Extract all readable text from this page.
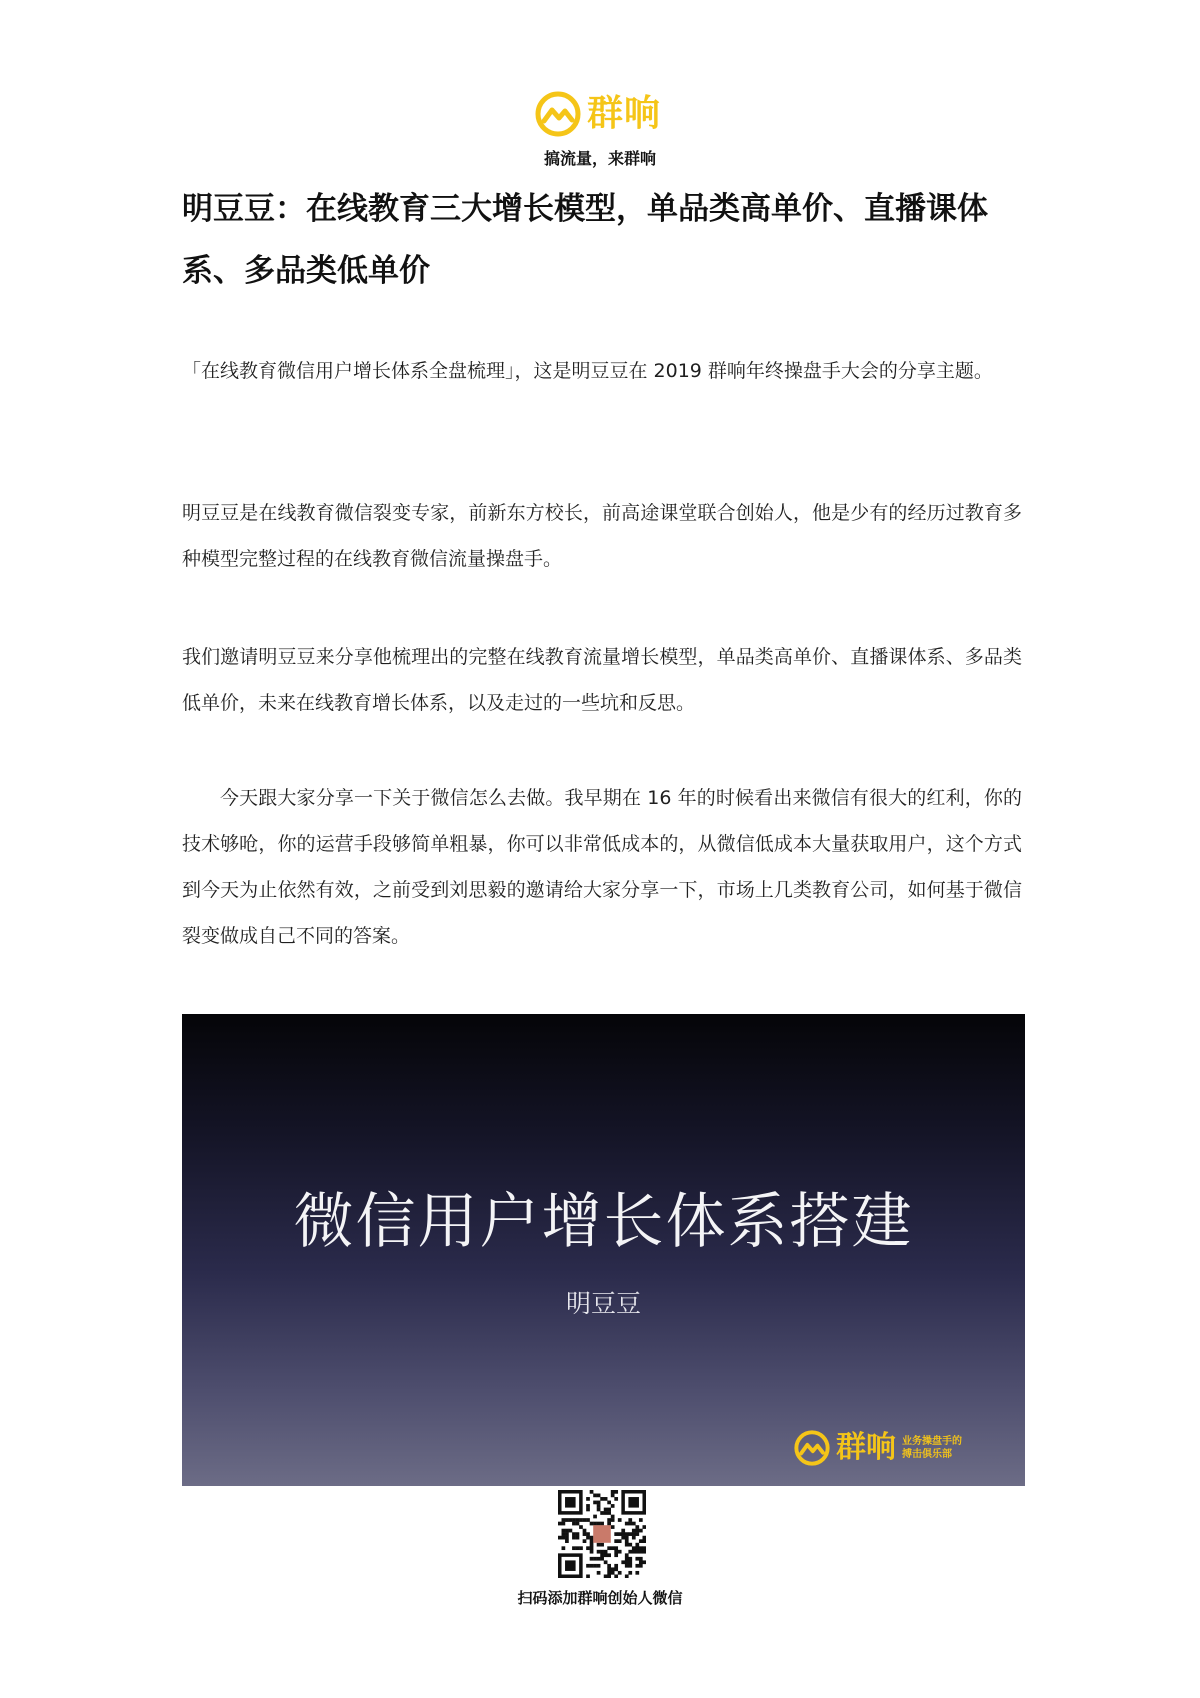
群响
搞流量，来群响
明豆豆：在线教育三大增长模型，单品类高单价、直播课体系、多品类低单价

「在线教育微信用户增长体系全盘梳理」，这是明豆豆在 2019 群响年终操盘手大会的分享主题。

明豆豆是在线教育微信裂变专家，前新东方校长，前高途课堂联合创始人，他是少有的经历过教育多种模型完整过程的在线教育微信流量操盘手。

我们邀请明豆豆来分享他梳理出的完整在线教育流量增长模型，单品类高单价、直播课体系、多品类低单价，未来在线教育增长体系，以及走过的一些坑和反思。

今天跟大家分享一下关于微信怎么去做。我早期在 16 年的时候看出来微信有很大的红利，你的技术够呛，你的运营手段够简单粗暴，你可以非常低成本的，从微信低成本大量获取用户，这个方式到今天为止依然有效，之前受到刘思毅的邀请给大家分享一下，市场上几类教育公司，如何基于微信裂变做成自己不同的答案。

微信用户增长体系搭建
明豆豆
群响 业务操盘手的
搏击俱乐部
扫码添加群响创始人微信
